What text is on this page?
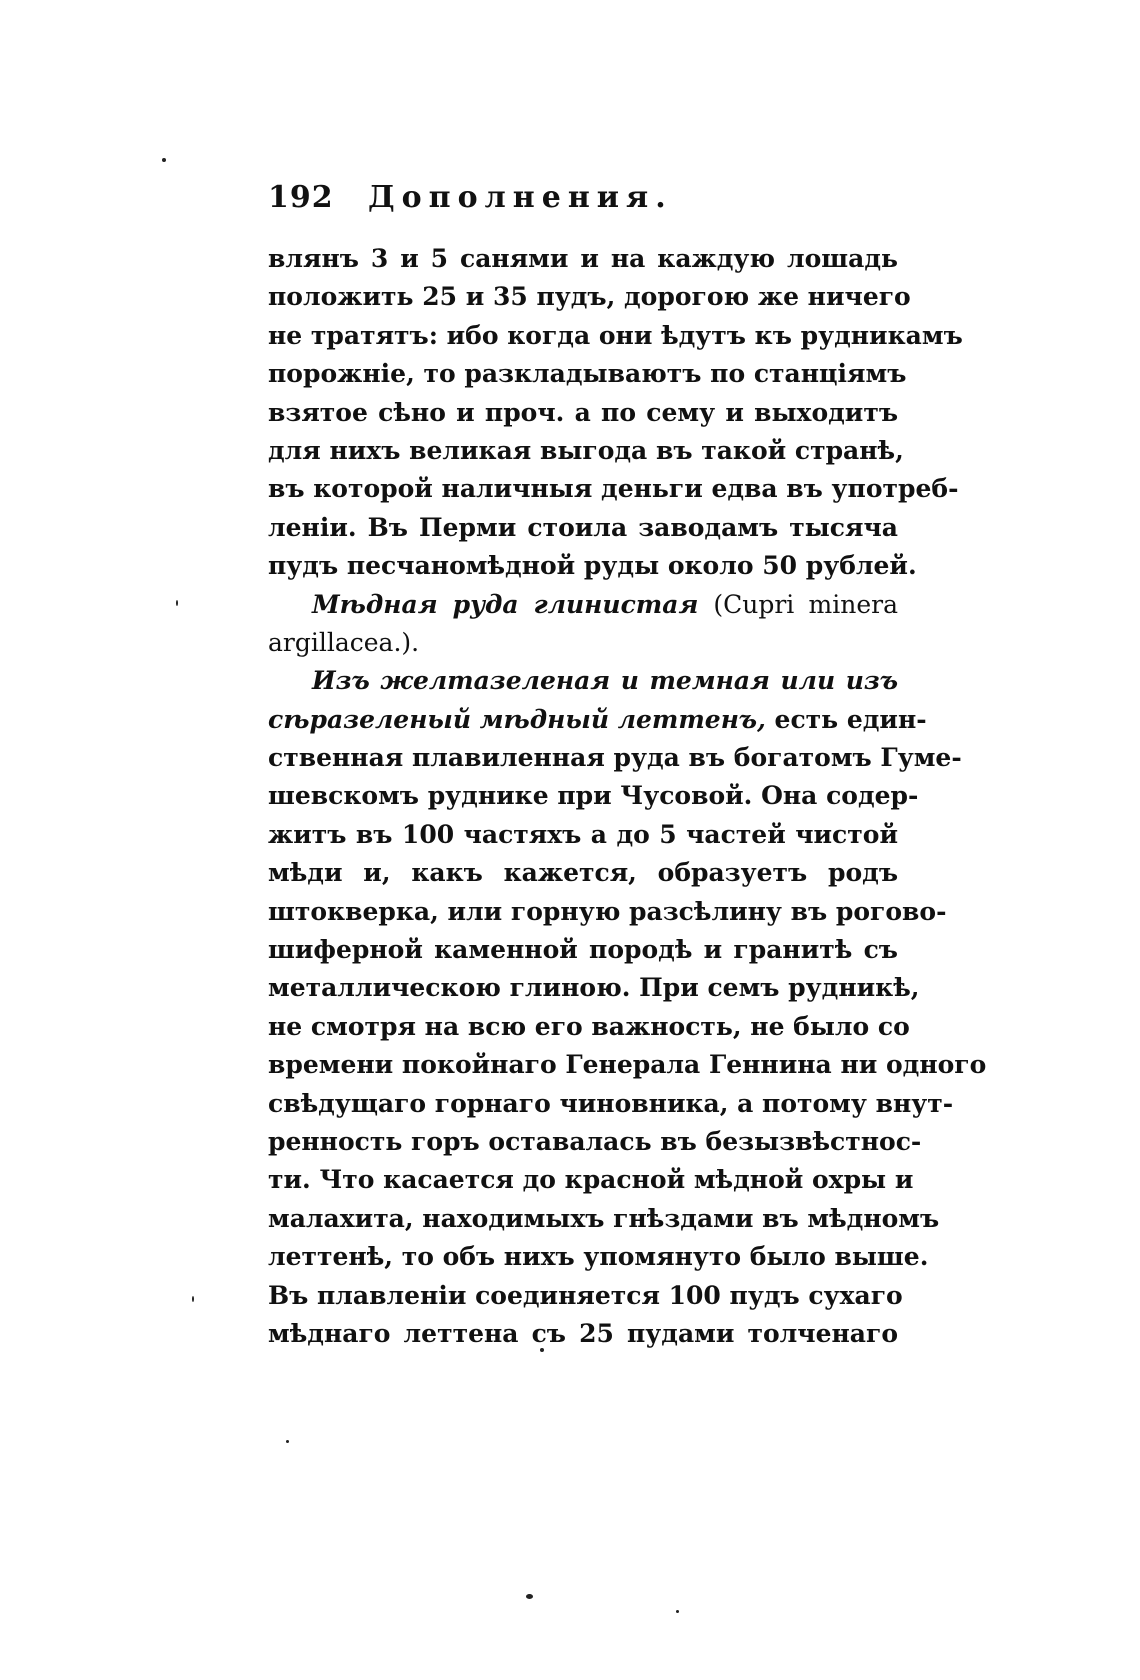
192 Дополнения.
влянъ 3 и 5 санями и на каждую лошадь
положить 25 и 35 пудъ, дорогою же ничего
не тратятъ: ибо когда они ѣдутъ къ рудникамъ
порожніе, то разкладываютъ по станціямъ
взятое сѣно и проч. а по сему и выходитъ
для нихъ великая выгода въ такой странѣ,
въ которой наличныя деньги едва въ употреб-
леніи. Въ Перми стоила заводамъ тысяча
пудъ песчаномѣдной руды около 50 рублей.
Мѣдная руда глинистая (Cupri minera
argillacea.).
Изъ желтазеленая и темная или изъ
сѣразеленый мѣдный леттенъ, есть един-
ственная плавиленная руда въ богатомъ Гуме-
шевскомъ руднике при Чусовой. Она содер-
житъ въ 100 частяхъ а до 5 частей чистой
мѣди и, какъ кажется, образуетъ родъ
штокверка, или горную разсѣлину въ рогово-
шиферной каменной породѣ и гранитѣ съ
металлическою глиною. При семъ рудникѣ,
не смотря на всю его важность, не было со
времени покойнаго Генерала Геннина ни одного
свѣдущаго горнаго чиновника, а потому внут-
ренность горъ оставалась въ безызвѣстнос-
ти. Что касается до красной мѣдной охры и
малахита, находимыхъ гнѣздами въ мѣдномъ
леттенѣ, то объ нихъ упомянуто было выше.
Въ плавленіи соединяется 100 пудъ сухаго
мѣднаго леттена съ 25 пудами толченаго
